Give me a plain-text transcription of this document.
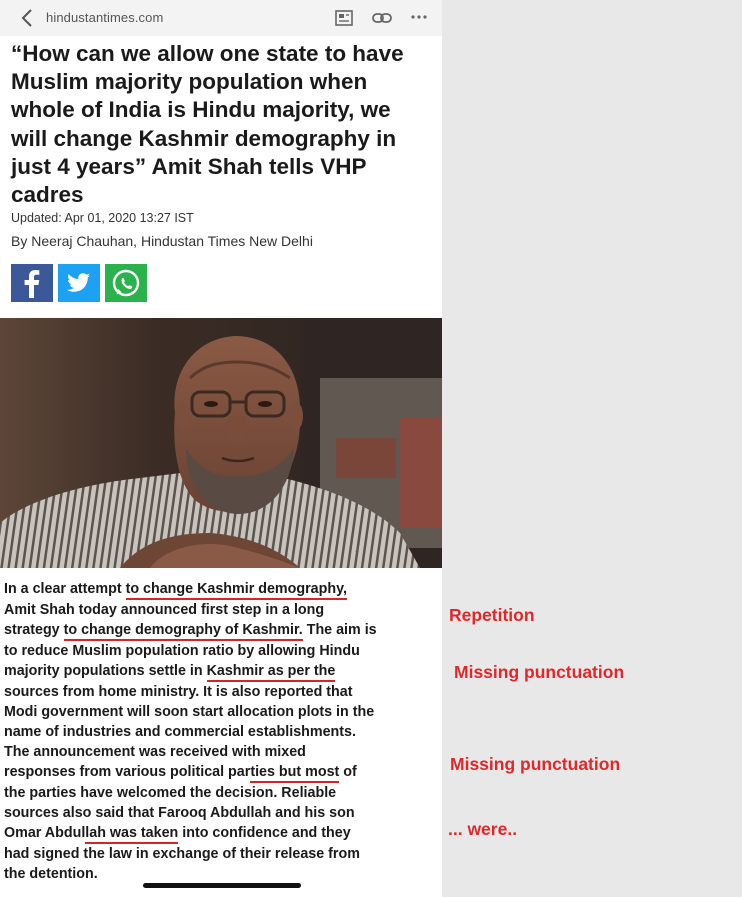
hindustantimes.com
“How can we allow one state to have Muslim majority population when whole of India is Hindu majority, we will change Kashmir demography in just 4 years” Amit Shah tells VHP cadres
Updated: Apr 01, 2020 13:27 IST
By Neeraj Chauhan, Hindustan Times New Delhi
In a clear attempt to change Kashmir demography,
Amit Shah today announced first step in a long
strategy to change demography of Kashmir. The aim is
to reduce Muslim population ratio by allowing Hindu
majority populations settle in Kashmir as per the
sources from home ministry. It is also reported that
Modi government will soon start allocation plots in the
name of industries and commercial establishments.
The announcement was received with mixed
responses from various political parties but most of
the parties have welcomed the decision. Reliable
sources also said that Farooq Abdullah and his son
Omar Abdullah was taken into confidence and they
had signed the law in exchange of their release from
the detention.
Repetition
Missing punctuation
Missing punctuation
... were..
